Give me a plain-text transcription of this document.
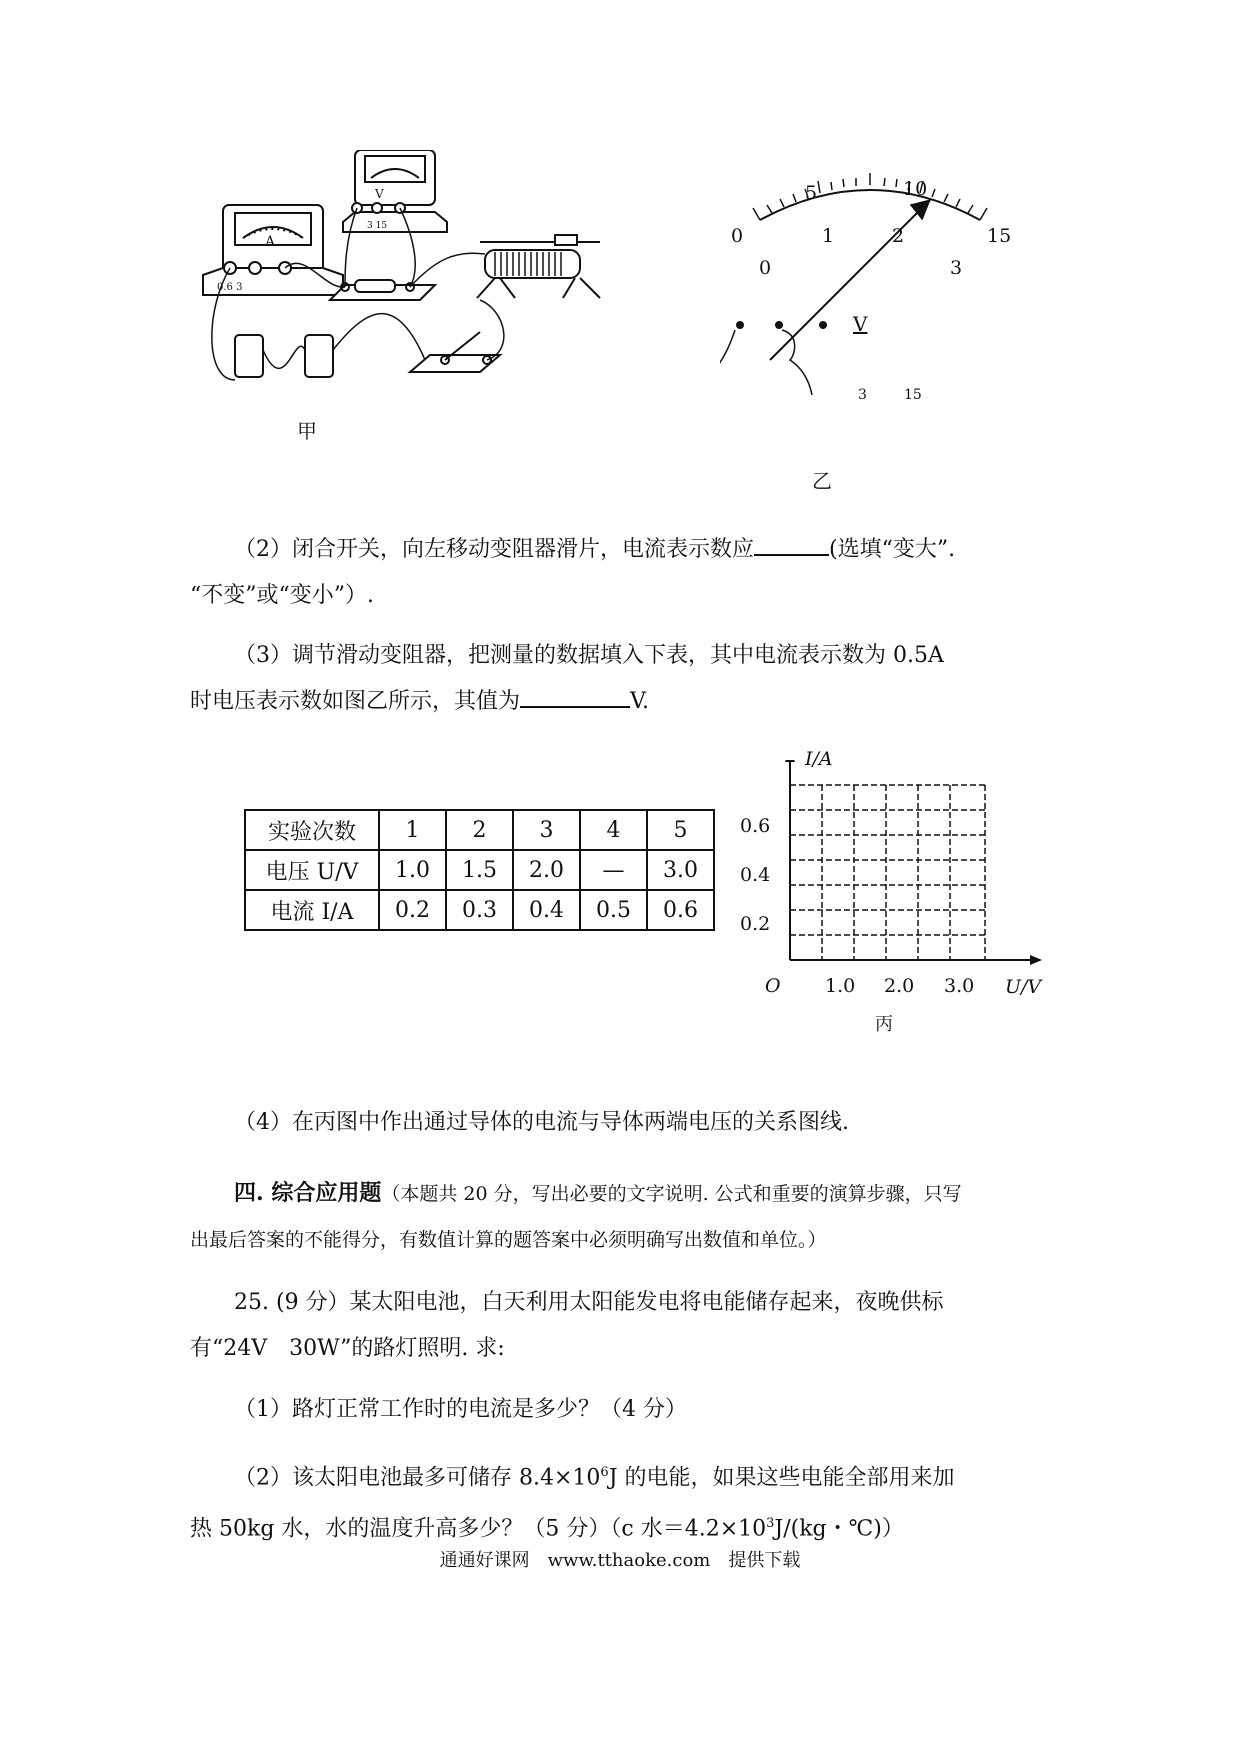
A
0.6 3
V
3 15
甲
0
5	10
15
0
1	2
3
V
3	15
乙
（2）闭合开关，向左移动变阻器滑片，电流表示数应	(选填“变大”.
“不变”或“变小”）.
（3）调节滑动变阻器，把测量的数据填入下表，其中电流表示数为 0.5A
时电压表示数如图乙所示，其值为	V.
实验次数	1	2	3	4	5
电压 U/V	1.0	1.5	2.0	—	3.0
电流 I/A	0.2	0.3	0.4	0.5	0.6
I/A
U/V
O
0.6
0.4
0.2
1.0 2.0 3.0
丙
（4）在丙图中作出通过导体的电流与导体两端电压的关系图线.
四. 综合应用题（本题共 20 分，写出必要的文字说明. 公式和重要的演算步骤，只写
出最后答案的不能得分，有数值计算的题答案中必须明确写出数值和单位。）
25. (9 分）某太阳电池，白天利用太阳能发电将电能储存起来，夜晚供标
有“24V　30W”的路灯照明. 求:
（1）路灯正常工作时的电流是多少？（4 分）
（2）该太阳电池最多可储存 $8.4\times 10^6J$ 的电能，如果这些电能全部用来加
热 50kg 水，水的温度升高多少？（5 分）（c 水$=4.2\times 10^3J/(kg$・℃)）
通通好课网　www.tthaoke.com　提供下载
